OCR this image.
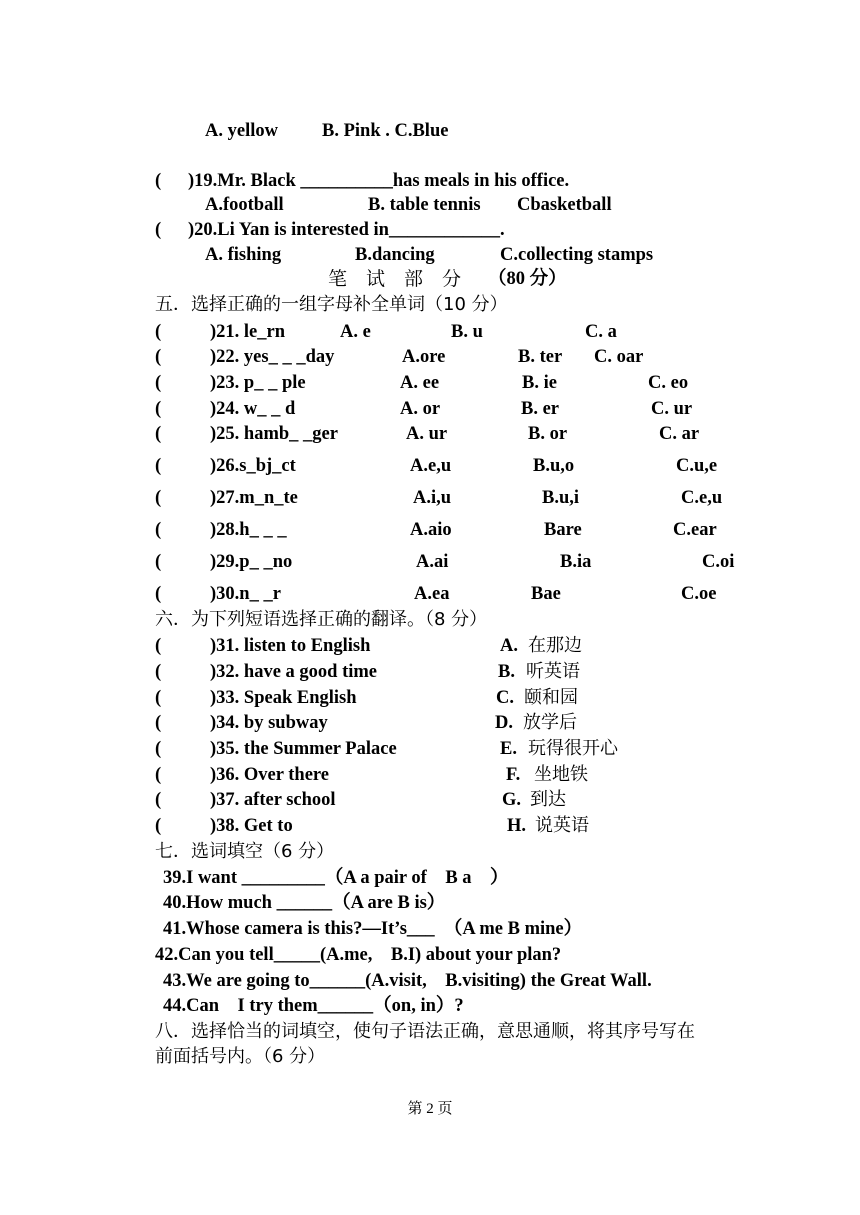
A. yellow B. Pink . C.Blue
( )19.Mr. Black __________has meals in his office.
A.football	B. table tennis Cbasketball
( )20.Li Yan is interested in____________.
A. fishing	B.dancing	C.collecting stamps
笔　试　部　分 （80 分）
五．选择正确的一组字母补全单词（10 分）
(	)21. le_rn	A. e	B. u	C. a
(	)22. yes_ _ _day	A.ore	B. ter C. oar
(	)23. p_ _ ple	A. ee	B. ie	C. eo
(	)24. w_ _ d	A. or	B. er	C. ur
(	)25. hamb_ _ger	A. ur	B. or	C. ar
(	)26.s_bj_ct	A.e,u	B.u,o	C.u,e
(	)27.m_n_te	A.i,u	B.u,i	C.e,u
(	)28.h_ _ _	A.aio	Bare	C.ear
(	)29.p_ _no	A.ai	B.ia	C.oi
(	)30.n_ _r	A.ea	Bae	C.oe
六．为下列短语选择正确的翻译。（8 分）
(	)31. listen to English	A. 在那边
(	)32. have a good time	B. 听英语
(	)33. Speak English	C. 颐和园
(	)34. by subway	D. 放学后
(	)35. the Summer Palace	E. 玩得很开心
(	)36. Over there	F. 坐地铁
(	)37. after school	G. 到达
(	)38. Get to	H. 说英语
七．选词填空（6 分）
39.I want _________（A a pair of　B a　）
40.How much ______（A are B is）
41.Whose camera is this?—It’s___　（A me B mine）
42.Can you tell_____(A.me,　B.I) about your plan?
43.We are going to______(A.visit,　B.visiting) the Great Wall.
44.Can　I try them______（on, in）?
八．选择恰当的词填空，使句子语法正确，意思通顺，将其序号写在
前面括号内。（6 分）
第 2 页
